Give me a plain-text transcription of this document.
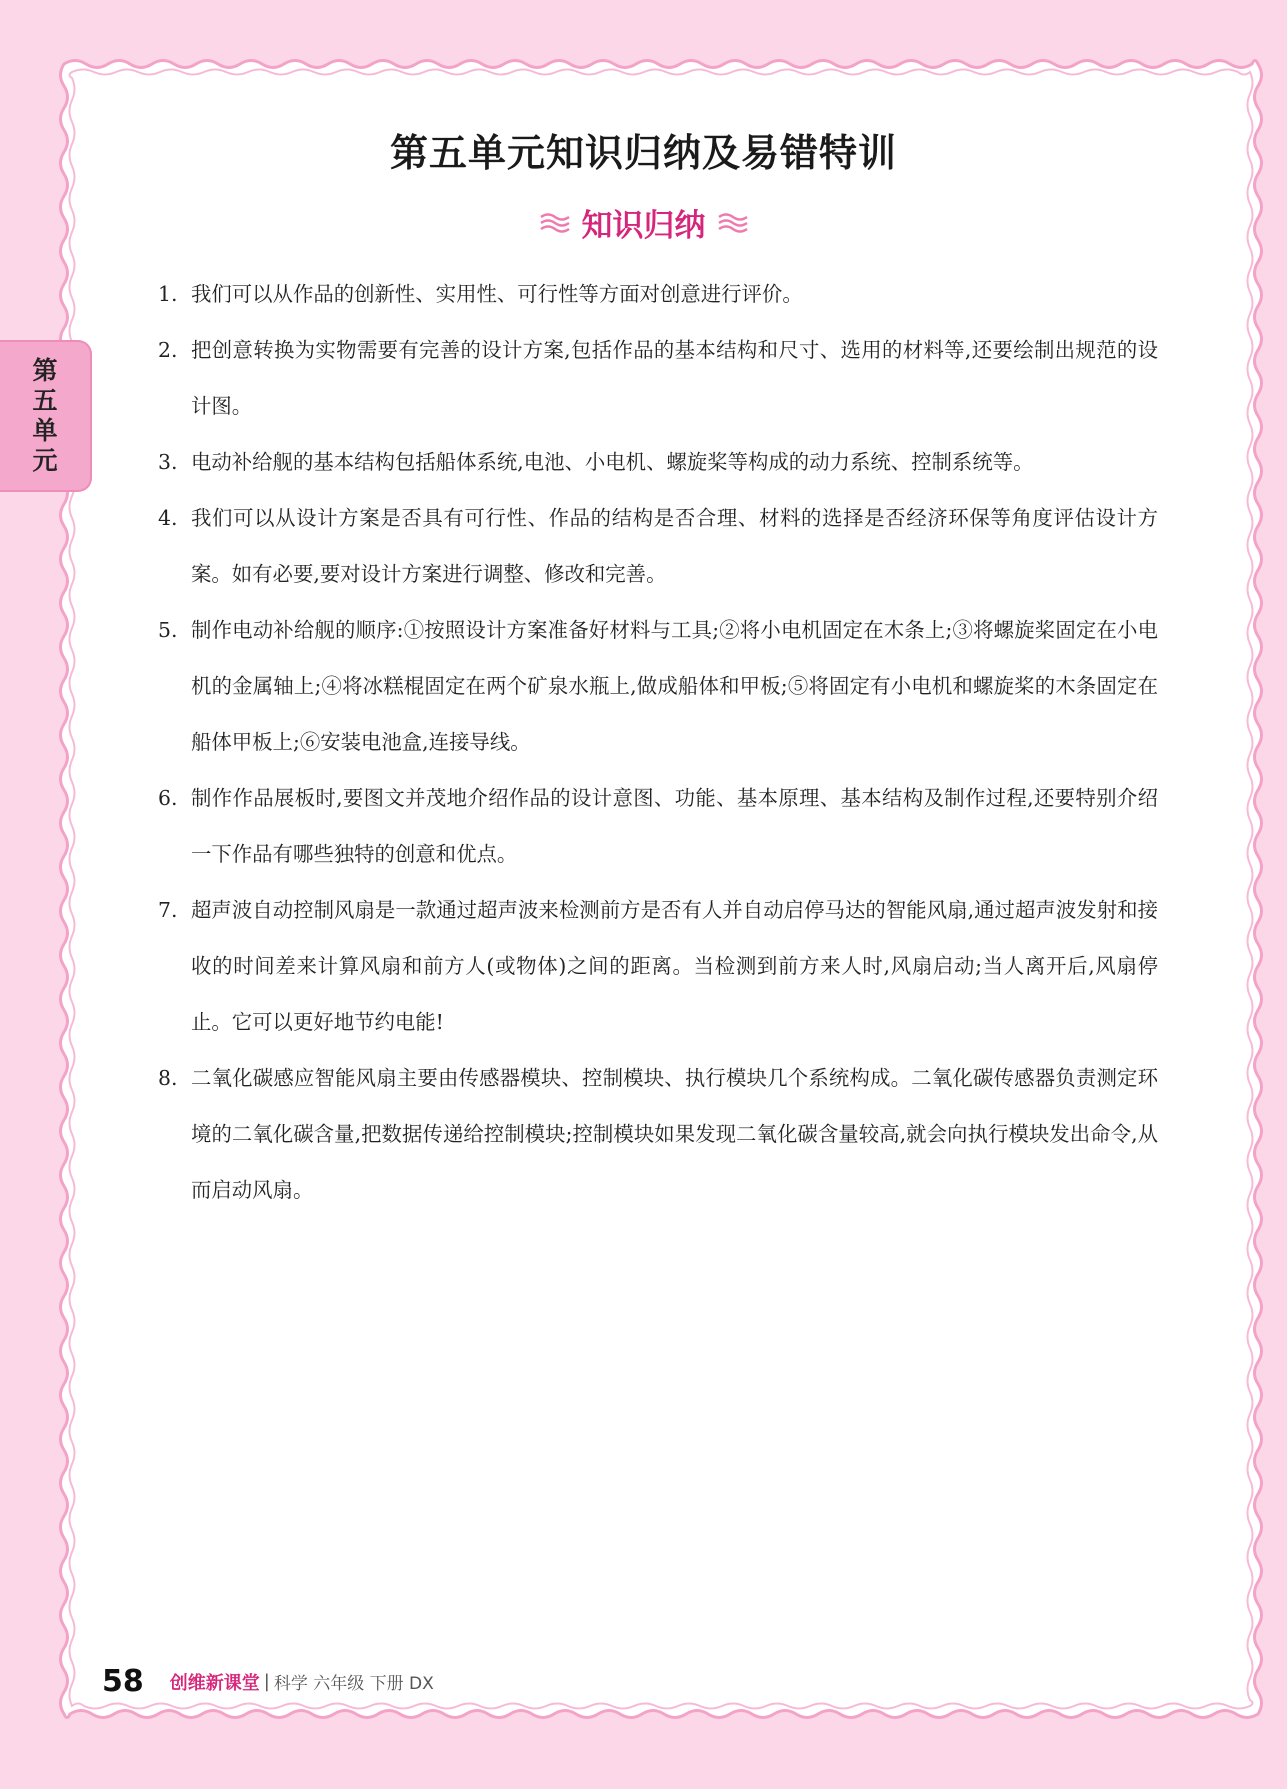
第五单元知识归纳及易错特训
知识归纳
第
五
单
元
1. 我们可以从作品的创新性、实用性、可行性等方面对创意进行评价。
2. 把创意转换为实物需要有完善的设计方案,包括作品的基本结构和尺寸、选用的材料等,还要绘制出规范的设计图。
3. 电动补给舰的基本结构包括船体系统,电池、小电机、螺旋桨等构成的动力系统、控制系统等。
4. 我们可以从设计方案是否具有可行性、作品的结构是否合理、材料的选择是否经济环保等角度评估设计方案。如有必要,要对设计方案进行调整、修改和完善。
5. 制作电动补给舰的顺序:①按照设计方案准备好材料与工具;②将小电机固定在木条上;③将螺旋桨固定在小电机的金属轴上;④将冰糕棍固定在两个矿泉水瓶上,做成船体和甲板;⑤将固定有小电机和螺旋桨的木条固定在船体甲板上;⑥安装电池盒,连接导线。
6. 制作作品展板时,要图文并茂地介绍作品的设计意图、功能、基本原理、基本结构及制作过程,还要特别介绍一下作品有哪些独特的创意和优点。
7. 超声波自动控制风扇是一款通过超声波来检测前方是否有人并自动启停马达的智能风扇,通过超声波发射和接收的时间差来计算风扇和前方人(或物体)之间的距离。当检测到前方来人时,风扇启动;当人离开后,风扇停止。它可以更好地节约电能!
8. 二氧化碳感应智能风扇主要由传感器模块、控制模块、执行模块几个系统构成。二氧化碳传感器负责测定环境的二氧化碳含量,把数据传递给控制模块;控制模块如果发现二氧化碳含量较高,就会向执行模块发出命令,从而启动风扇。
58 创维新课堂 | 科学 六年级 下册 DX
